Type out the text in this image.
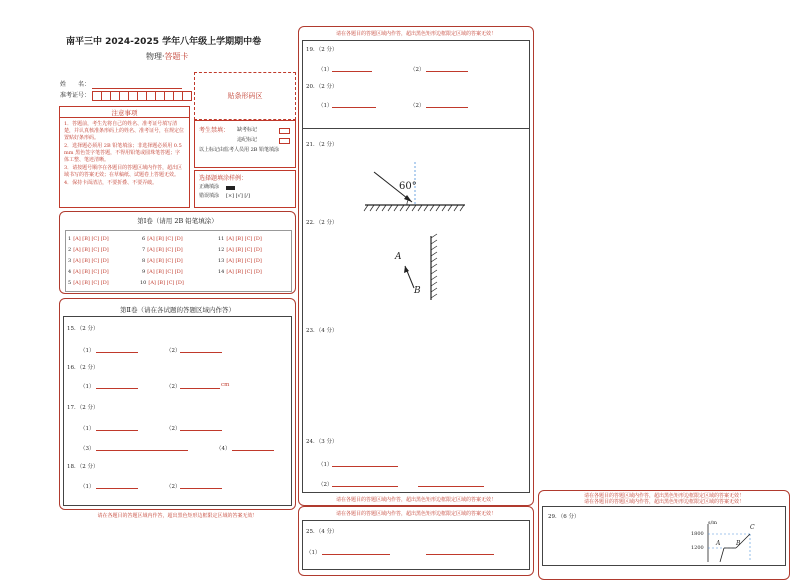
南平三中 2024-2025 学年八年级上学期期中卷
物理·答题卡
姓　　名：
准考证号：	贴条形码区
注意事项
1．答题前，考生先将自己的姓名、准考证号填写清楚，并认真核准条形码上的姓名、准考证号，在规定位置贴好条形码。
2．选择题必须用 2B 铅笔填涂；非选择题必须用 0.5 mm 黑色签字笔答题，不得用铅笔或圆珠笔答题；字体工整、笔迹清晰。
3．请按题号顺序在各题目的答题区域内作答，超出区域书写的答案无效；在草稿纸、试题卷上答题无效。
4．保持卡面清洁，不要折叠、不要弄破。
考生禁填： 缺考标记
违纪标记
以上标记由监考人员用 2B 铅笔填涂
选择题填涂样例：
正确填涂
错误填涂 [×] [√] [/]
第Ⅰ卷（请用 2B 铅笔填涂）
1 [A] [B] [C] [D]
2 [A] [B] [C] [D]
3 [A] [B] [C] [D]
4 [A] [B] [C] [D]
5 [A] [B] [C] [D]
6 [A] [B] [C] [D]
7 [A] [B] [C] [D]
8 [A] [B] [C] [D]
9 [A] [B] [C] [D]
10 [A] [B] [C] [D]
11 [A] [B] [C] [D]
12 [A] [B] [C] [D]
13 [A] [B] [C] [D]
14 [A] [B] [C] [D]
第Ⅱ卷（请在各试题的答题区域内作答）
15．（2 分）
（1）	（2）
16．（2 分）
（1）	（2）	cm
17．（2 分）
（1）	（2）
（3）	（4）
18．（2 分）
（1）	（2）
请在各题目的答题区域内作答，超出黑色矩形边框限定区域的答案无效！
请在各题目的答题区域内作答，超出黑色矩形边框限定区域的答案无效！
19．（2 分）
（1）	（2）
20．（2 分）
（1）	（2）
21．（2 分）
60°
22．（2 分）
A
B
23．（4 分）
24．（3 分）
（1）
（2）
请在各题目的答题区域内作答，超出黑色矩形边框限定区域的答案无效！
请在各题目的答题区域内作答，超出黑色矩形边框限定区域的答案无效！
25．（4 分）
（1）
请在各题目的答题区域内作答，超出黑色矩形边框限定区域的答案无效！
请在各题目的答题区域内作答，超出黑色矩形边框限定区域的答案无效！
29．（6 分）
s/m
1800
1200
A	B
C
